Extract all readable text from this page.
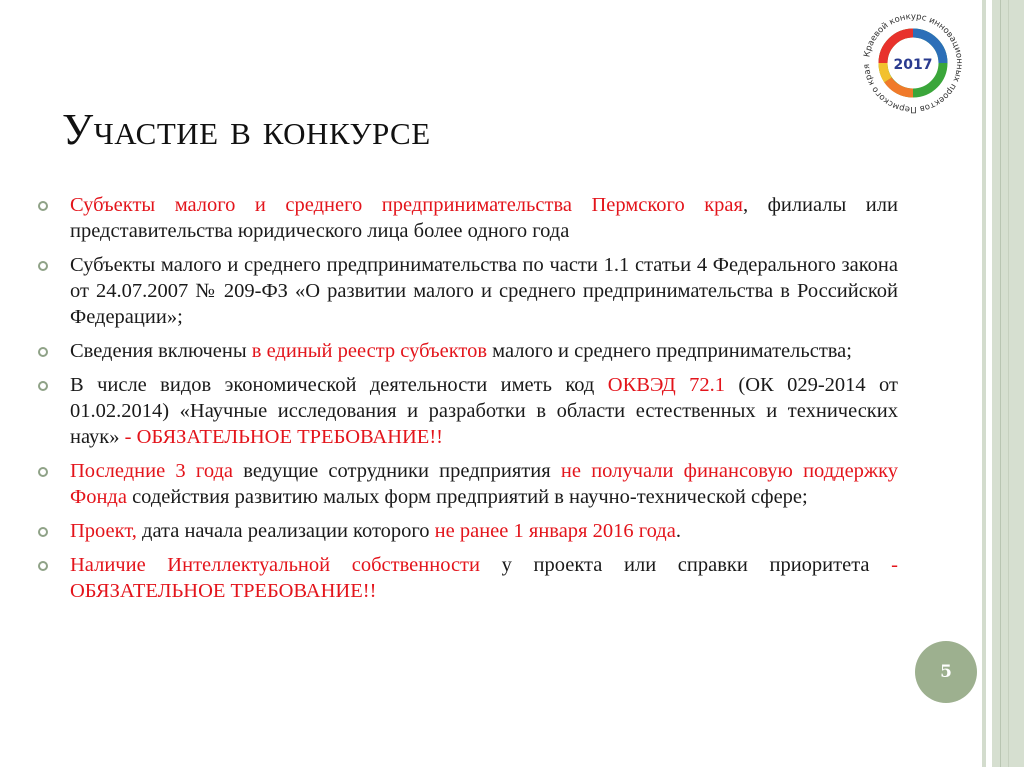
2017
Краевой конкурс инновационных проектов Пермского края
Участие в конкурсе
Субъекты малого и среднего предпринимательства Пермского края, филиалы или представительства юридического лица более одного года
Субъекты малого и среднего предпринимательства по части 1.1 статьи 4 Федерального закона от 24.07.2007 № 209-ФЗ «О развитии малого и среднего предпринимательства в Российской Федерации»;
Сведения включены в единый реестр субъектов малого и среднего предпринимательства;
В числе видов экономической деятельности иметь код ОКВЭД 72.1 (ОК 029-2014 от 01.02.2014) «Научные исследования и разработки в области естественных и технических наук» - ОБЯЗАТЕЛЬНОЕ ТРЕБОВАНИЕ!!
Последние 3 года ведущие сотрудники предприятия не получали финансовую поддержку Фонда содействия развитию малых форм предприятий в научно-технической сфере;
Проект, дата начала реализации которого не ранее 1 января 2016 года.
Наличие Интеллектуальной собственности у проекта или справки приоритета - ОБЯЗАТЕЛЬНОЕ ТРЕБОВАНИЕ!!
5
